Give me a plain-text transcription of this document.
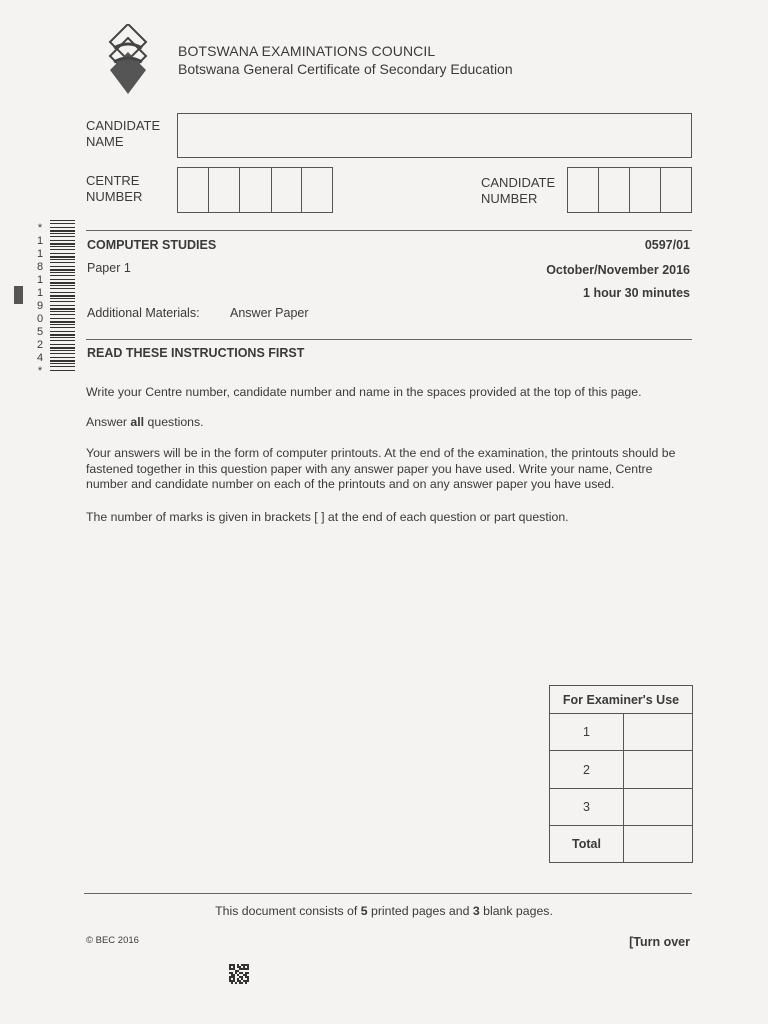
BOTSWANA EXAMINATIONS COUNCIL
Botswana General Certificate of Secondary Education
CANDIDATE
NAME
CENTRE
NUMBER
CANDIDATE
NUMBER
COMPUTER STUDIES	0597/01
Paper 1	October/November 2016
1 hour 30 minutes
Additional Materials: Answer Paper
READ THESE INSTRUCTIONS FIRST
Write your Centre number, candidate number and name in the spaces provided at the top of this page.
Answer all questions.
Your answers will be in the form of computer printouts. At the end of the examination, the printouts should be fastened together in this question paper with any answer paper you have used. Write your name, Centre number and candidate number on each of the printouts and on any answer paper you have used.
The number of marks is given in brackets [ ] at the end of each question or part question.
For Examiner's Use	
1	
2	
3	
Total	
This document consists of 5 printed pages and 3 blank pages.
© BEC 2016	[Turn over
*
1
1
8
1
1
9
0
5
2
4
*
